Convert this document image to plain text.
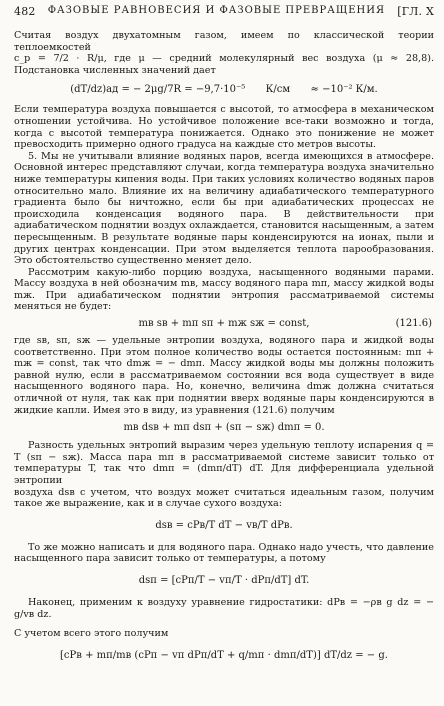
482 ФАЗОВЫЕ РАВНОВЕСИЯ И ФАЗОВЫЕ ПРЕВРАЩЕНИЯ [ГЛ. X

Считая воздух двухатомным газом, имеем по классической теории теплоемкостей

c_p = 7/2 · R/μ, где μ — средний молекулярный вес воздуха (μ ≈ 28,8). Подстановка численных значений дает

(dT/dz)ад = − 2μg/7R = −9,7·10⁻⁵ К/см ≈ −10⁻² К/м.

Если температура воздуха повышается с высотой, то атмосфера в механическом отношении устойчива. Но устойчивое положение все-таки возможно и тогда, когда с высотой температура понижается. Однако это понижение не может превосходить примерно одного градуса на каждые сто метров высоты.

5. Мы не учитывали влияние водяных паров, всегда имеющихся в атмосфере. Основной интерес представляют случаи, когда температура воздуха значительно ниже температуры кипения воды. При таких условиях количество водяных паров относительно мало. Влияние их на величину адиабатического температурного градиента было бы ничтожно, если бы при адиабатических процессах не происходила конденсация водяного пара. В действительности при адиабатическом поднятии воздух охлаждается, становится насыщенным, а затем пересыщенным. В результате водяные пары конденсируются на ионах, пыли и других центрах конденсации. При этом выделяется теплота парообразования. Это обстоятельство существенно меняет дело.

Рассмотрим какую-либо порцию воздуха, насыщенного водяными парами. Массу воздуха в ней обозначим mв, массу водяного пара mп, массу жидкой воды mж. При адиабатическом поднятии энтропия рассматриваемой системы меняться не будет:

mв sв + mп sп + mж sж = const,	(121.6)

где sв, sп, sж — удельные энтропии воздуха, водяного пара и жидкой воды соответственно. При этом полное количество воды остается постоянным: mп + mж = const, так что dmж = − dmп. Массу жидкой воды мы должны положить равной нулю, если в рассматриваемом состоянии вся вода существует в виде насыщенного водяного пара. Но, конечно, величина dmж должна считаться отличной от нуля, так как при поднятии вверх водяные пары конденсируются в жидкие капли. Имея это в виду, из уравнения (121.6) получим

mв dsв + mп dsп + (sп − sж) dmп = 0.

Разность удельных энтропий выразим через удельную теплоту испарения q = T (sп − sж). Масса пара mп в рассматриваемой системе зависит только от температуры T, так что dmп = (dmп/dT) dT. Для дифференциала удельной энтропии

воздуха dsв с учетом, что воздух может считаться идеальным газом, получим такое же выражение, как и в случае сухого воздуха:

dsв = cPв/T dT − vв/T dPв.

То же можно написать и для водяного пара. Однако надо учесть, что давление насыщенного пара зависит только от температуры, а потому

dsп = [cPп/T − vп/T · dPп/dT] dT.

Наконец, применим к воздуху уравнение гидростатики: dPв = −ρв g dz = − g/vв dz.

С учетом всего этого получим

[cPв + mп/mв (cPп − vп dPп/dT + q/mп · dmп/dT)] dT/dz = − g.
